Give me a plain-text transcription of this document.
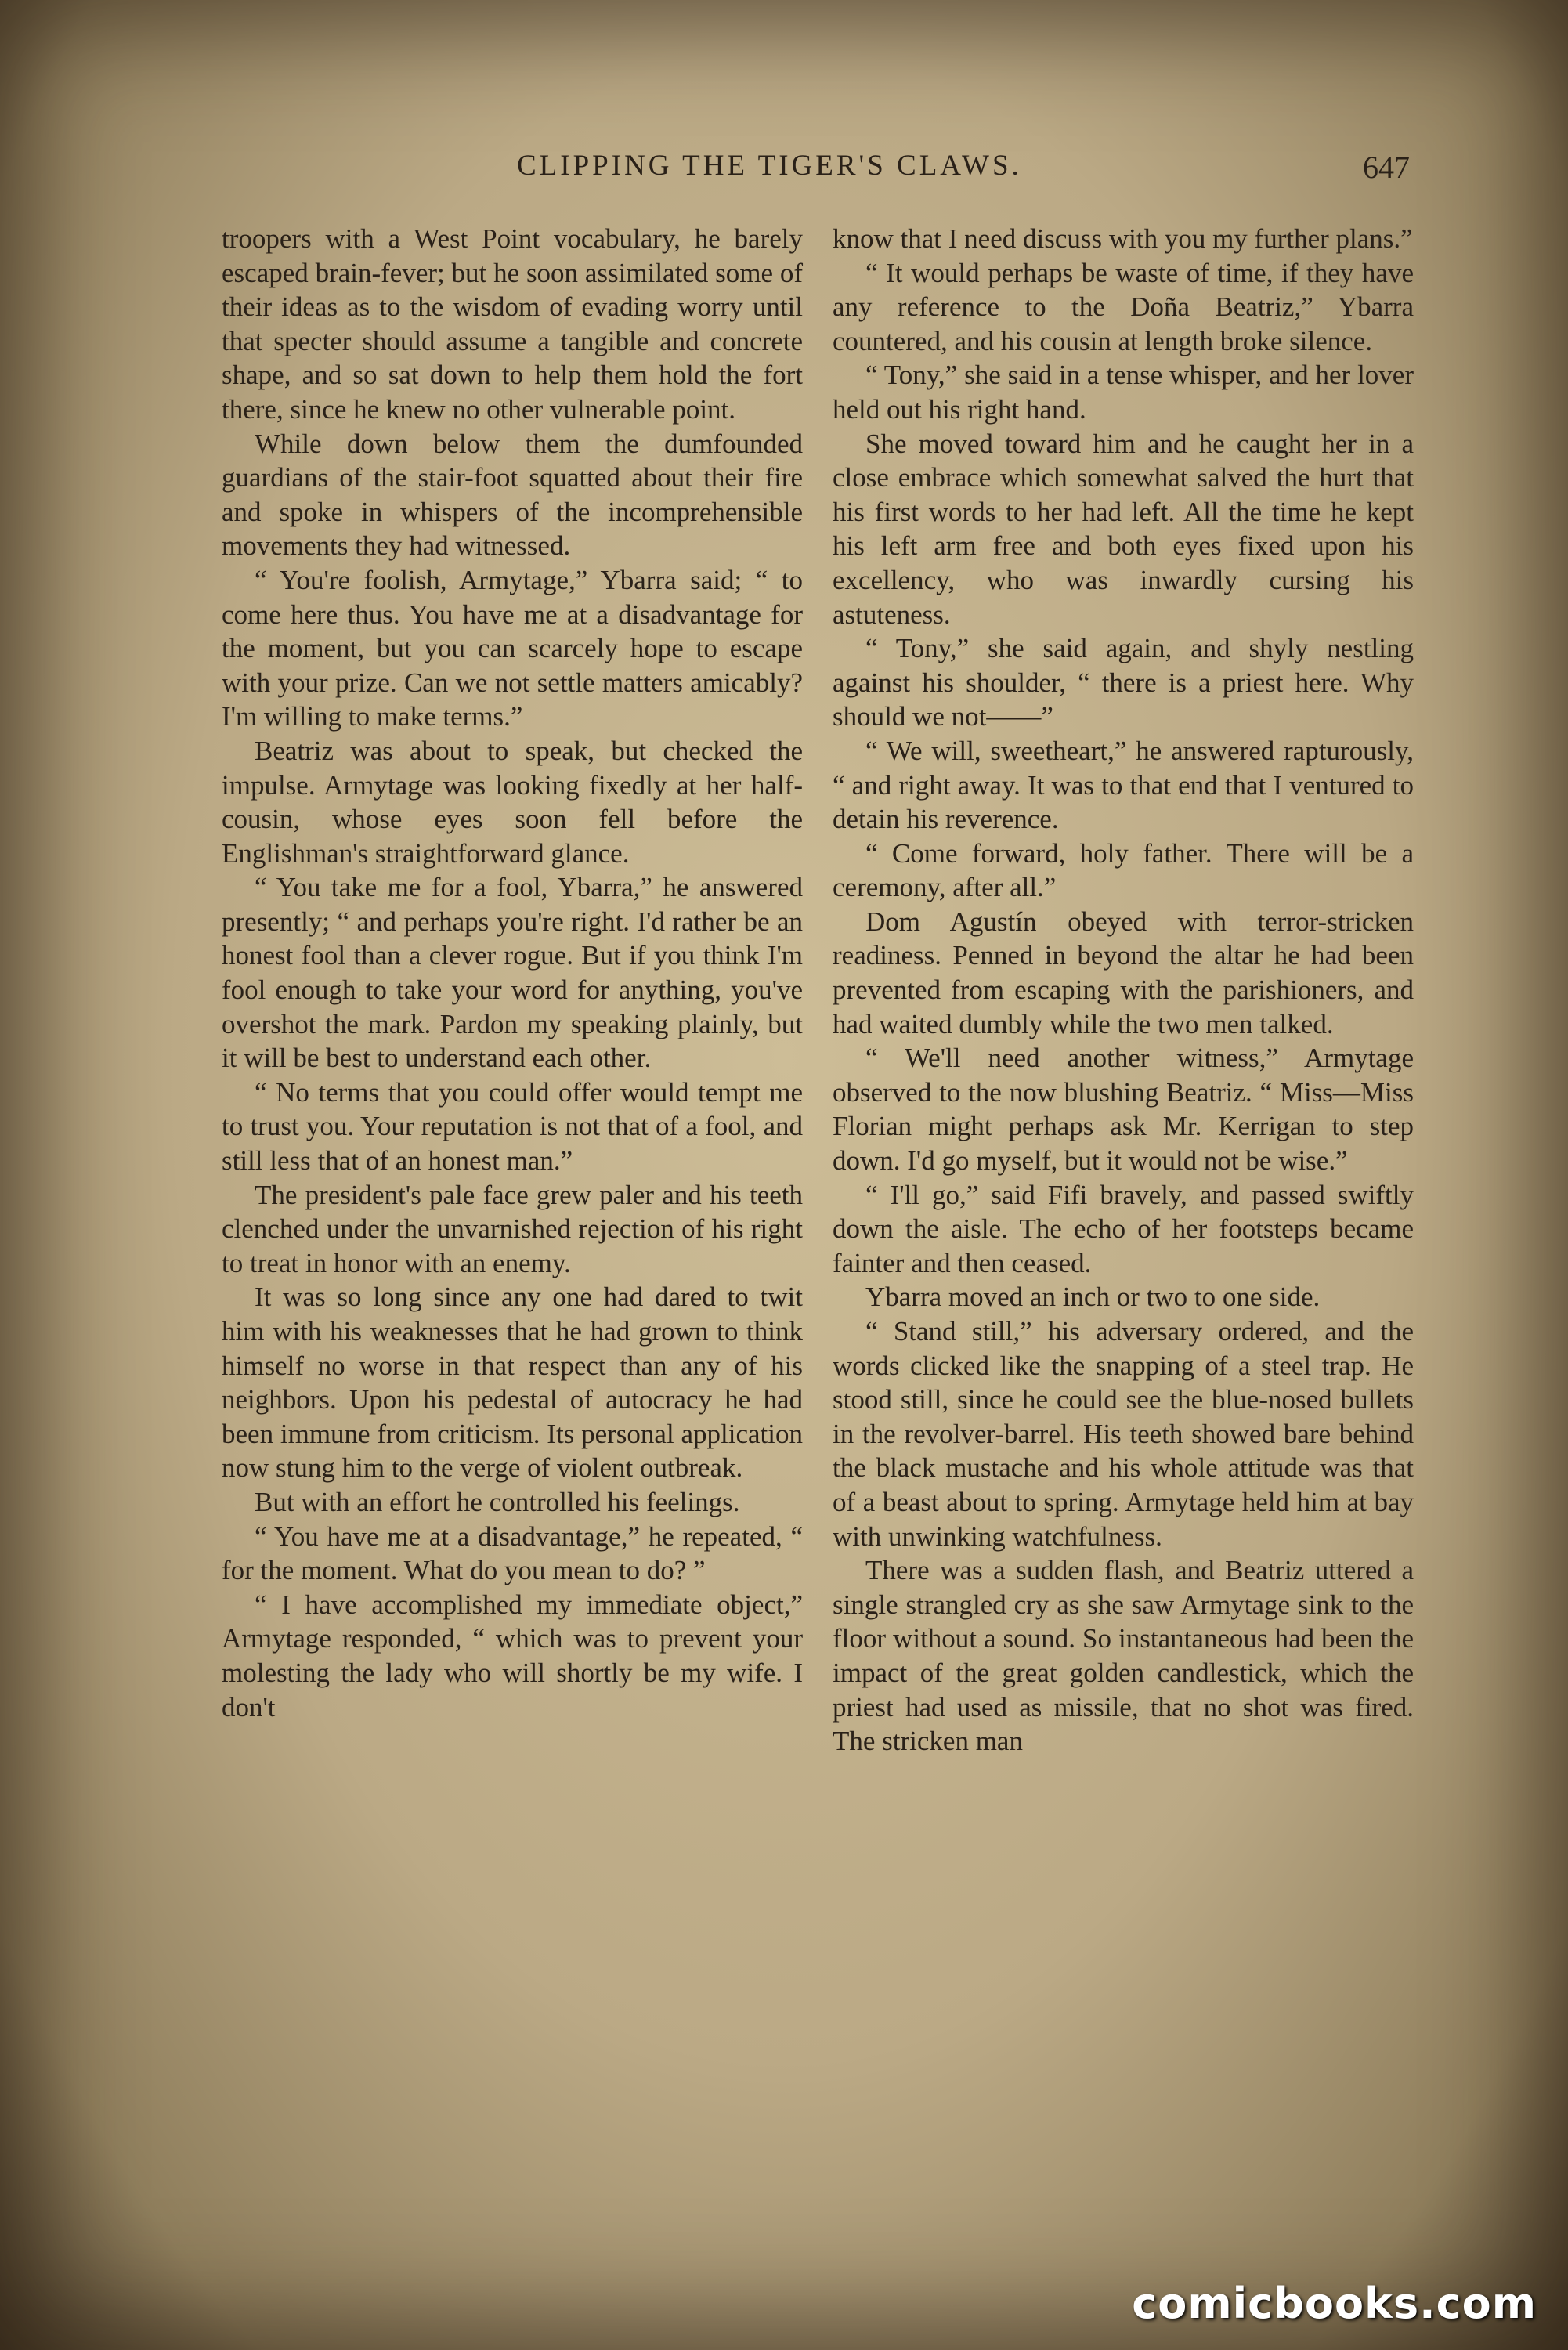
CLIPPING THE TIGER'S CLAWS.	647

troopers with a West Point vocabulary, he barely escaped brain-fever; but he soon assimilated some of their ideas as to the wisdom of evading worry until that specter should assume a tangible and concrete shape, and so sat down to help them hold the fort there, since he knew no other vulnerable point.

While down below them the dumfounded guardians of the stair-foot squatted about their fire and spoke in whispers of the incomprehensible movements they had witnessed.

“ You're foolish, Armytage,” Ybarra said; “ to come here thus. You have me at a disadvantage for the moment, but you can scarcely hope to escape with your prize. Can we not settle matters amicably? I'm willing to make terms.”

Beatriz was about to speak, but checked the impulse. Armytage was looking fixedly at her half-cousin, whose eyes soon fell before the Englishman's straightforward glance.

“ You take me for a fool, Ybarra,” he answered presently; “ and perhaps you're right. I'd rather be an honest fool than a clever rogue. But if you think I'm fool enough to take your word for anything, you've overshot the mark. Pardon my speaking plainly, but it will be best to understand each other.

“ No terms that you could offer would tempt me to trust you. Your reputation is not that of a fool, and still less that of an honest man.”

The president's pale face grew paler and his teeth clenched under the unvarnished rejection of his right to treat in honor with an enemy.

It was so long since any one had dared to twit him with his weaknesses that he had grown to think himself no worse in that respect than any of his neighbors. Upon his pedestal of autocracy he had been immune from criticism. Its personal application now stung him to the verge of violent outbreak.

But with an effort he controlled his feelings.

“ You have me at a disadvantage,” he repeated, “ for the moment. What do you mean to do? ”

“ I have accomplished my immediate object,” Armytage responded, “ which was to prevent your molesting the lady who will shortly be my wife. I don't

know that I need discuss with you my further plans.”

“ It would perhaps be waste of time, if they have any reference to the Doña Beatriz,” Ybarra countered, and his cousin at length broke silence.

“ Tony,” she said in a tense whisper, and her lover held out his right hand.

She moved toward him and he caught her in a close embrace which somewhat salved the hurt that his first words to her had left. All the time he kept his left arm free and both eyes fixed upon his excellency, who was inwardly cursing his astuteness.

“ Tony,” she said again, and shyly nestling against his shoulder, “ there is a priest here. Why should we not——”

“ We will, sweetheart,” he answered rapturously, “ and right away. It was to that end that I ventured to detain his reverence.

“ Come forward, holy father. There will be a ceremony, after all.”

Dom Agustín obeyed with terror-stricken readiness. Penned in beyond the altar he had been prevented from escaping with the parishioners, and had waited dumbly while the two men talked.

“ We'll need another witness,” Armytage observed to the now blushing Beatriz. “ Miss—Miss Florian might perhaps ask Mr. Kerrigan to step down. I'd go myself, but it would not be wise.”

“ I'll go,” said Fifi bravely, and passed swiftly down the aisle. The echo of her footsteps became fainter and then ceased.

Ybarra moved an inch or two to one side.

“ Stand still,” his adversary ordered, and the words clicked like the snapping of a steel trap. He stood still, since he could see the blue-nosed bullets in the revolver-barrel. His teeth showed bare behind the black mustache and his whole attitude was that of a beast about to spring. Armytage held him at bay with unwinking watchfulness.

There was a sudden flash, and Beatriz uttered a single strangled cry as she saw Armytage sink to the floor without a sound. So instantaneous had been the impact of the great golden candlestick, which the priest had used as missile, that no shot was fired. The stricken man

comicbooks.com
